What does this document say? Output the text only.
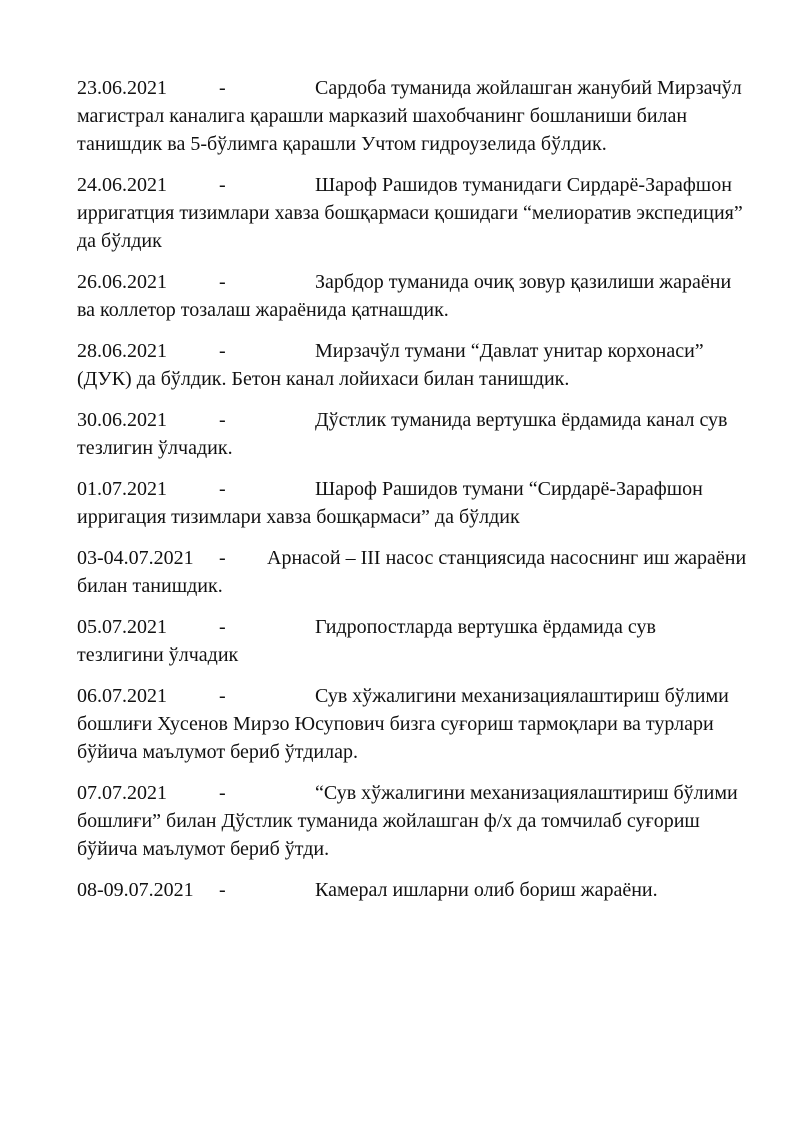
23.06.2021	-	Сардоба туманида жойлашган жанубий Мирзачўл магистрал каналига қарашли марказий шахобчанинг бошланиши билан танишдик ва 5-бўлимга қарашли Учтом гидроузелида бўлдик.

24.06.2021	-	Шароф Рашидов туманидаги Сирдарё-Зарафшон ирригатция тизимлари хавза бошқармаси қошидаги “мелиоратив экспедиция” да бўлдик

26.06.2021	-	Зарбдор туманида очиқ зовур қазилиши жараёни ва коллетор тозалаш жараёнида қатнашдик.

28.06.2021	-	Мирзачўл тумани “Давлат унитар корхонаси” (ДУК) да бўлдик. Бетон канал лойихаси билан танишдик.

30.06.2021	-	Дўстлик туманида вертушка ёрдамида канал сув тезлигин ўлчадик.

01.07.2021	-	Шароф Рашидов тумани “Сирдарё-Зарафшон ирригация тизимлари хавза бошқармаси” да бўлдик

03-04.07.2021 - Арнасой – III насос станциясида насоснинг иш жараёни билан танишдик.

05.07.2021	-	Гидропостларда вертушка ёрдамида сув тезлигини ўлчадик

06.07.2021	-	Сув хўжалигини механизациялаштириш бўлими бошлиғи Хусенов Мирзо Юсупович бизга суғориш тармоқлари ва турлари бўйича маълумот бериб ўтдилар.

07.07.2021	-	“Сув хўжалигини механизациялаштириш бўлими бошлиғи” билан Дўстлик туманида жойлашган ф/х да томчилаб суғориш бўйича маълумот бериб ўтди.

08-09.07.2021 -	Камерал ишларни олиб бориш жараёни.
